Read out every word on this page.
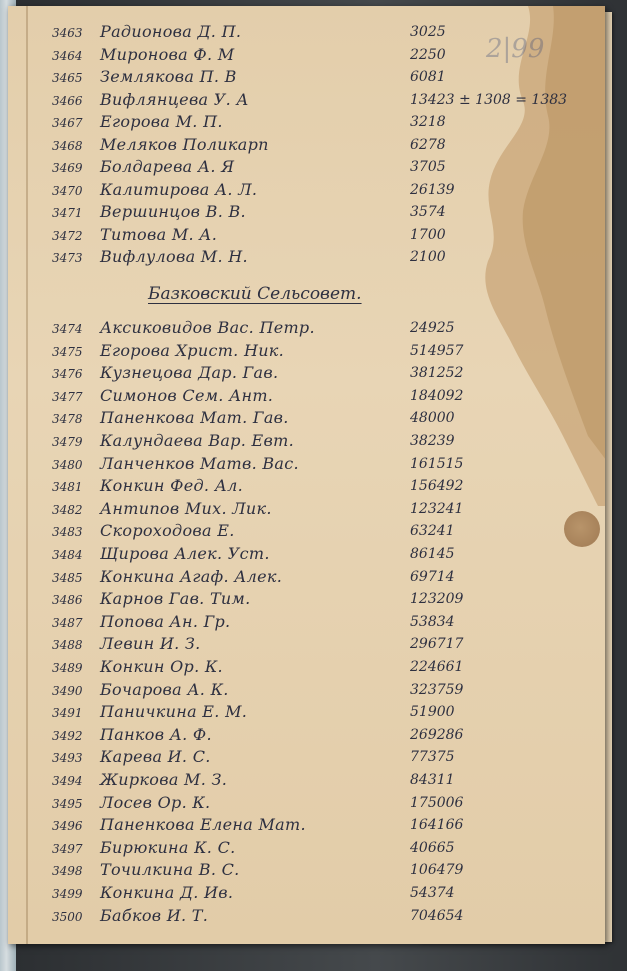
2|99
3463 Радионова Д. П.	3025
3464 Миронова Ф. М	2250
3465 Землякова П. В	6081
3466 Вифлянцева У. А	13423 ± 1308 = 1383
3467 Егорова М. П.	3218
3468 Меляков Поликарп	6278
3469 Болдарева А. Я	3705
3470 Калитирова А. Л.	26139
3471 Вершинцов В. В.	3574
3472 Титова М. А.	1700
3473 Вифлулова М. Н.	2100
Базковский Сельсовет.
3474 Аксиковидов Вас. Петр.	24925
3475 Егорова Христ. Ник.	514957
3476 Кузнецова Дар. Гав.	381252
3477 Симонов Сем. Ант.	184092
3478 Паненкова Мат. Гав.	48000
3479 Калундаева Вар. Евт.	38239
3480 Ланченков Матв. Вас.	161515
3481 Конкин Фед. Ал.	156492
3482 Антипов Мих. Лик.	123241
3483 Скороходова Е.	63241
3484 Щирова Алек. Уст.	86145
3485 Конкина Агаф. Алек.	69714
3486 Карнов Гав. Тим.	123209
3487 Попова Ан. Гр.	53834
3488 Левин И. З.	296717
3489 Конкин Ор. К.	224661
3490 Бочарова А. К.	323759
3491 Паничкина Е. М.	51900
3492 Панков А. Ф.	269286
3493 Карева И. С.	77375
3494 Жиркова М. З.	84311
3495 Лосев Ор. К.	175006
3496 Паненкова Елена Мат.	164166
3497 Бирюкина К. С.	40665
3498 Точилкина В. С.	106479
3499 Конкина Д. Ив.	54374
3500 Бабков И. Т.	704654
